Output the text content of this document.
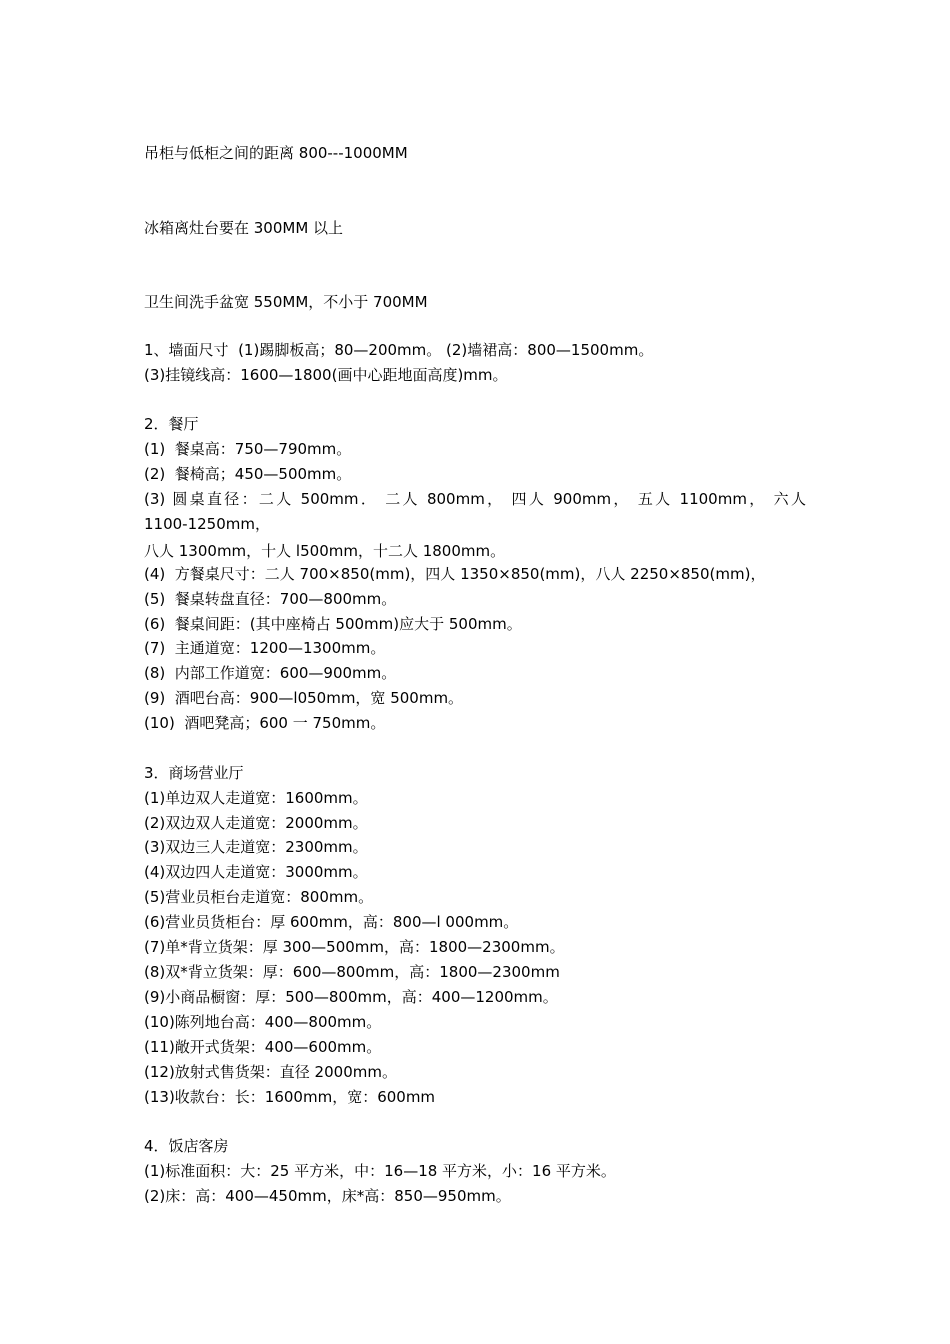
吊柜与低柜之间的距离 800---1000MM
冰箱离灶台要在 300MM 以上
卫生间洗手盆宽 550MM，不小于 700MM
1、墙面尺寸  (1)踢脚板高；80—200mm。 (2)墙裙高：800—1500mm。
(3)挂镜线高：1600—1800(画中心距地面高度)mm。
2．餐厅
(1)  餐桌高：750—790mm。
(2)  餐椅高；450—500mm。
(3) 圆桌直径：二人 500mm． 二人 800mm， 四人 900mm， 五人 1100mm， 六人
1100-1250mm，
八人 1300mm，十人 l500mm，十二人 1800mm。
(4)  方餐桌尺寸：二人 700×850(mm)，四人 1350×850(mm)，八人 2250×850(mm)，
(5)  餐桌转盘直径：700—800mm。
(6)  餐桌间距：(其中座椅占 500mm)应大于 500mm。
(7)  主通道宽：1200—1300mm。
(8)  内部工作道宽：600—900mm。
(9)  酒吧台高：900—l050mm，宽 500mm。
(10)  酒吧凳高；600 一 750mm。
3．商场营业厅
(1)单边双人走道宽：1600mm。
(2)双边双人走道宽：2000mm。
(3)双边三人走道宽：2300mm。
(4)双边四人走道宽：3000mm。
(5)营业员柜台走道宽：800mm。
(6)营业员货柜台：厚 600mm，高：800—l 000mm。
(7)单*背立货架：厚 300—500mm，高：1800—2300mm。
(8)双*背立货架：厚：600—800mm，高：1800—2300mm
(9)小商品橱窗：厚：500—800mm，高：400—1200mm。
(10)陈列地台高：400—800mm。
(11)敞开式货架：400—600mm。
(12)放射式售货架：直径 2000mm。
(13)收款台：长：1600mm，宽：600mm
4．饭店客房
(1)标准面积：大：25 平方米，中：16—18 平方米，小：16 平方米。
(2)床：高：400—450mm，床*高：850—950mm。
